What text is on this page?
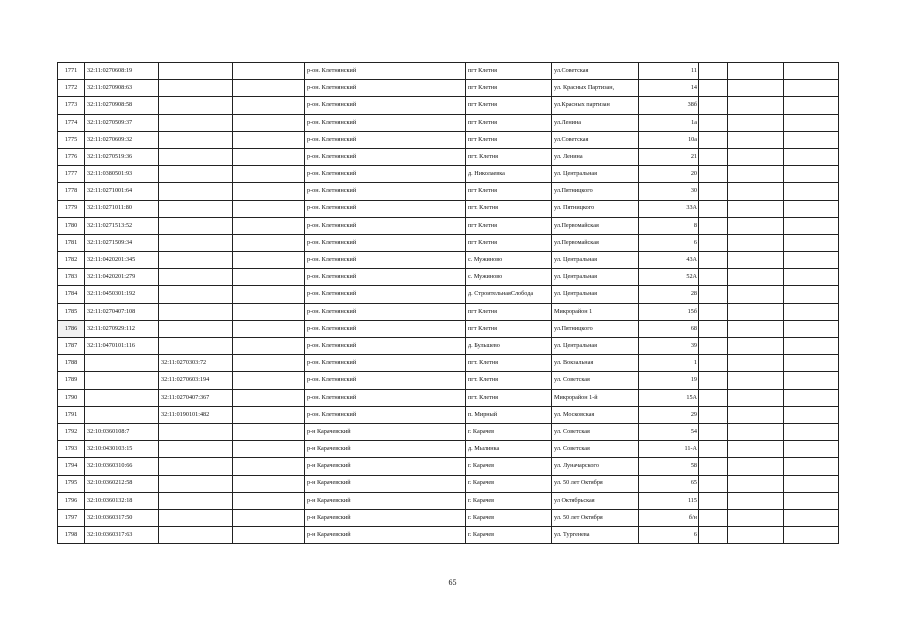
1771	32:11:0270608:19			р-он. Клетнянский	пгт Клетня	ул.Советская	11			
1772	32:11:0270908:63			р-он. Клетнянский	пгт Клетня	ул. Красных Партизан,	14			
1773	32:11:0270908:58			р-он. Клетнянский	пгт Клетня	ул.Красных партизан	38б			
1774	32:11:0270509:37			р-он. Клетнянский	пгт Клетня	ул.Ленина	1а			
1775	32:11:0270609:32			р-он. Клетнянский	пгт Клетня	ул.Советская	10а			
1776	32:11:0270519:36			р-он. Клетнянский	пгт. Клетня	ул. Ленина	21			
1777	32:11:0380501:93			р-он. Клетнянский	д. Николаевка	ул. Центральная	20			
1778	32:11:0271001:64			р-он. Клетнянский	пгт Клетня	ул.Пятницкого	30			
1779	32:11:0271011:80			р-он. Клетнянский	пгт. Клетня	ул. Пятницкого	33А			
1780	32:11:0271513:52			р-он. Клетнянский	пгт Клетня	ул.Первомайская	8			
1781	32:11:0271509:34			р-он. Клетнянский	пгт Клетня	ул.Первомайская	6			
1782	32:11:0420201:345			р-он. Клетнянский	с. Мужиново	ул. Центральная	43А			
1783	32:11:0420201:279			р-он. Клетнянский	с. Мужиново	ул. Центральная	52А			
1784	32:11:0450301:192			р-он. Клетнянский	д. СтроительнаяСлобода	ул. Центральная	28			
1785	32:11:0270407:108			р-он. Клетнянский	пгт Клетня	Микрорайон 1	15б			
1786	32:11:0270929:112			р-он. Клетнянский	пгт Клетня	ул.Пятницкого	68			
1787	32:11:0470101:116			р-он. Клетнянский	д. Бульшево	ул. Центральная	39			
1788		32:11:0270303:72		р-он. Клетнянский	пгт. Клетня	ул. Вокзальная	1			
1789		32:11:0270603:194		р-он. Клетнянский	пгт. Клетня	ул. Советская	19			
1790		32:11:0270407:367		р-он. Клетнянский	пгт. Клетня	Микрорайон 1-й	15А			
1791		32:11:0190101:482		р-он. Клетнянский	п. Мирный	ул. Московская	29			
1792	32:10:0360108:7			р-н Карачевский	г. Карачев	ул. Советская	54			
1793	32:10:0430103:15			р-н Карачевский	д. Мылинка	ул. Советская	11-А			
1794	32:10:0360310:66			р-н Карачевский	г. Карачев	ул. Луначарского	58			
1795	32:10:0360212:58			р-н Карачевский	г. Карачев	ул. 50 лет Октября	65			
1796	32:10:0360132:18			р-н Карачевский	г. Карачев	ул Октябрьская	115			
1797	32:10:0360317:50			р-н Карачевский	г. Карачев	ул. 50 лет Октября	б/н			
1798	32:10:0360317:63			р-н Карачевский	г. Карачев	ул. Тургенева	6			
65
